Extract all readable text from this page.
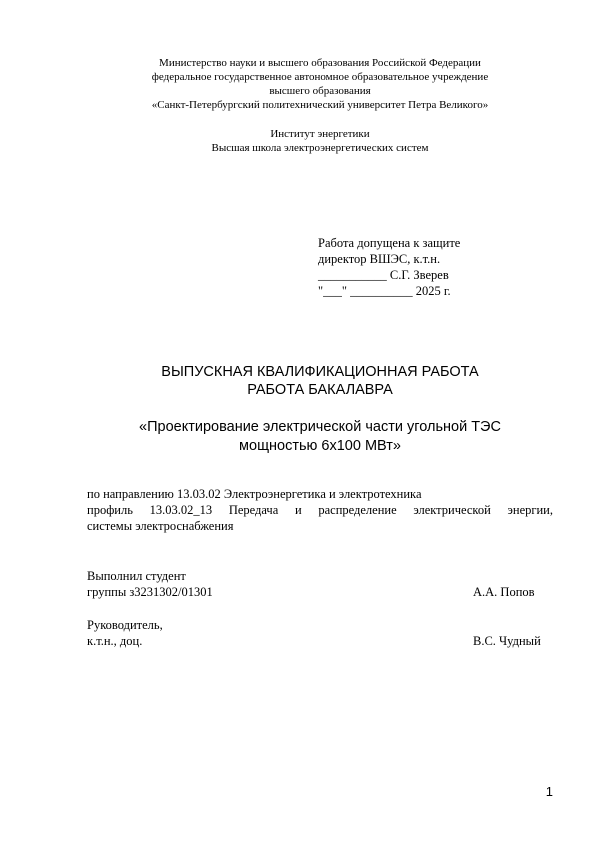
Министерство науки и высшего образования Российской Федерации
федеральное государственное автономное образовательное учреждение
высшего образования
«Санкт-Петербургский политехнический университет Петра Великого»
Институт энергетики
Высшая школа электроэнергетических систем
Работа допущена к защите
директор ВШЭС, к.т.н.
___________ С.Г. Зверев
"___" __________ 2025 г.
ВЫПУСКНАЯ КВАЛИФИКАЦИОННАЯ РАБОТА
РАБОТА БАКАЛАВРА
«Проектирование электрической части угольной ТЭС
мощностью 6х100 МВт»
по направлению 13.03.02 Электроэнергетика и электротехника
профиль 13.03.02_13 Передача и распределение электрической энергии,
системы электроснабжения
Выполнил студент
группы з3231302/01301	А.А. Попов
Руководитель,
к.т.н., доц.	В.С. Чудный
1
